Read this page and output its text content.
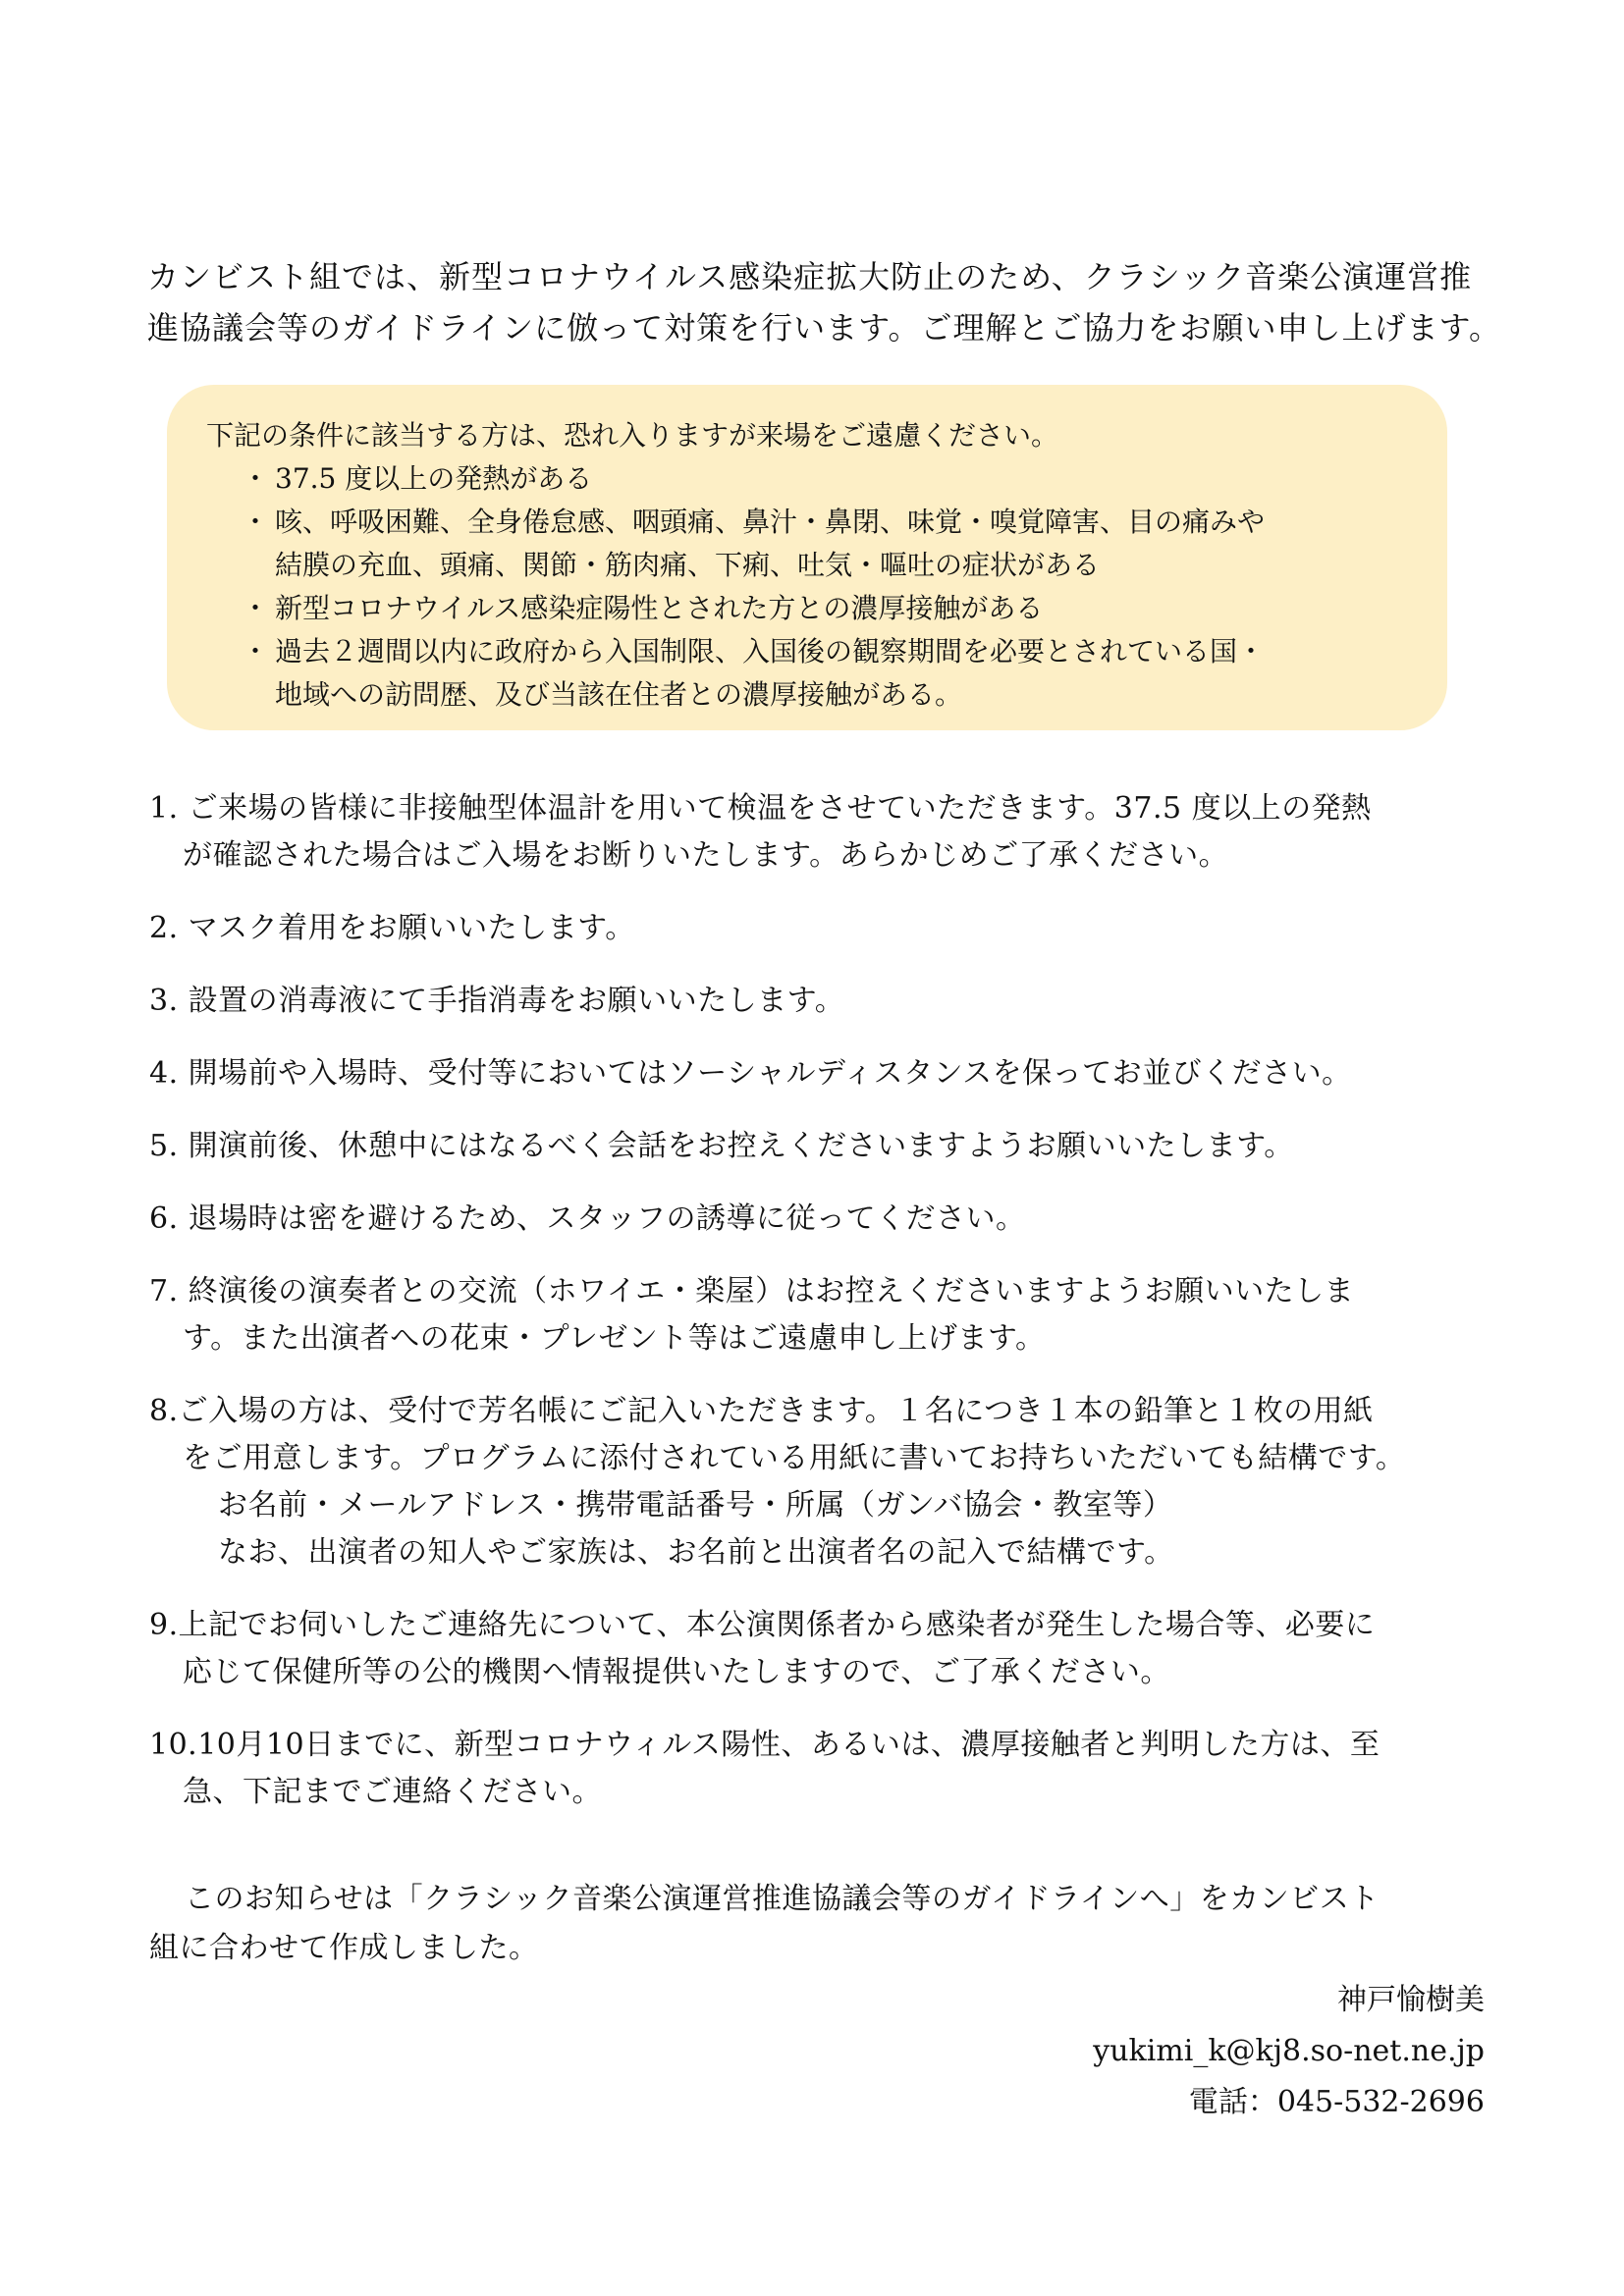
カンビスト組では、新型コロナウイルス感染症拡大防止のため、クラシック音楽公演運営推

進協議会等のガイドラインに倣って対策を行います。ご理解とご協力をお願い申し上げます。

下記の条件に該当する方は、恐れ入りますが来場をご遠慮ください。

・ 37.5 度以上の発熱がある
・ 咳、呼吸困難、全身倦怠感、咽頭痛、鼻汁・鼻閉、味覚・嗅覚障害、目の痛みや
結膜の充血、頭痛、関節・筋肉痛、下痢、吐気・嘔吐の症状がある
・ 新型コロナウイルス感染症陽性とされた方との濃厚接触がある
・ 過去２週間以内に政府から入国制限、入国後の観察期間を必要とされている国・
地域への訪問歴、及び当該在住者との濃厚接触がある。
1. ご来場の皆様に非接触型体温計を用いて検温をさせていただきます。37.5 度以上の発熱
が確認された場合はご入場をお断りいたします。あらかじめご了承ください。
2. マスク着用をお願いいたします。
3. 設置の消毒液にて手指消毒をお願いいたします。
4. 開場前や入場時、受付等においてはソーシャルディスタンスを保ってお並びください。
5. 開演前後、休憩中にはなるべく会話をお控えくださいますようお願いいたします。
6. 退場時は密を避けるため、スタッフの誘導に従ってください。
7. 終演後の演奏者との交流（ホワイエ・楽屋）はお控えくださいますようお願いいたしま
す。また出演者への花束・プレゼント等はご遠慮申し上げます。
8.ご入場の方は、受付で芳名帳にご記入いただきます。１名につき１本の鉛筆と１枚の用紙
をご用意します。プログラムに添付されている用紙に書いてお持ちいただいても結構です。
お名前・メールアドレス・携帯電話番号・所属（ガンバ協会・教室等）
なお、出演者の知人やご家族は、お名前と出演者名の記入で結構です。
9.上記でお伺いしたご連絡先について、本公演関係者から感染者が発生した場合等、必要に
応じて保健所等の公的機関へ情報提供いたしますので、ご了承ください。
10.10月10日までに、新型コロナウィルス陽性、あるいは、濃厚接触者と判明した方は、至
急、下記までご連絡ください。
このお知らせは「クラシック音楽公演運営推進協議会等のガイドラインへ」をカンビスト
組に合わせて作成しました。
神戸愉樹美
yukimi_k@kj8.so-net.ne.jp
電話：045-532-2696
